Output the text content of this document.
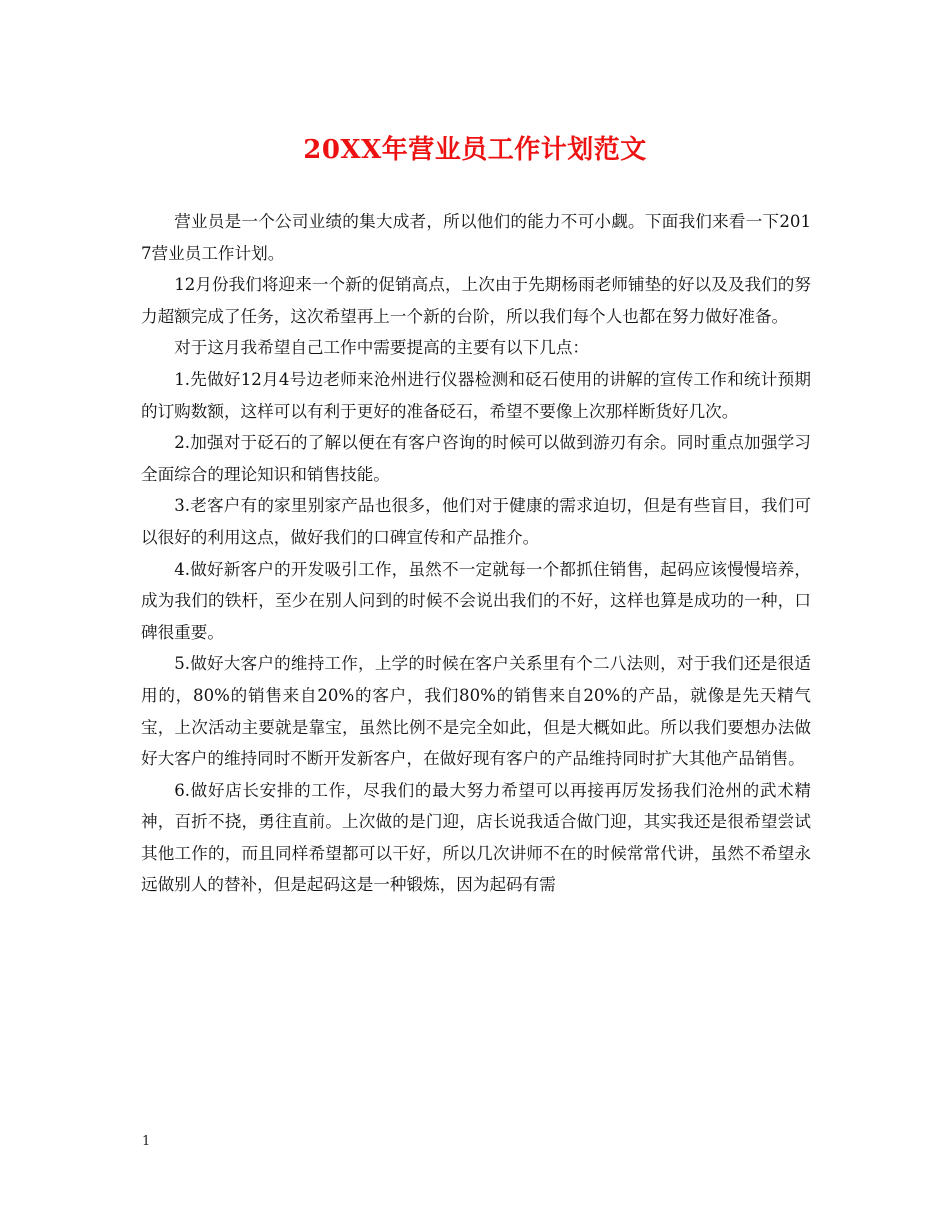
20XX年营业员工作计划范文

营业员是一个公司业绩的集大成者，所以他们的能力不可小觑。下面我们来看一下2017营业员工作计划。

12月份我们将迎来一个新的促销高点，上次由于先期杨雨老师铺垫的好以及及我们的努力超额完成了任务，这次希望再上一个新的台阶，所以我们每个人也都在努力做好准备。

对于这月我希望自己工作中需要提高的主要有以下几点：

1.先做好12月4号边老师来沧州进行仪器检测和砭石使用的讲解的宣传工作和统计预期的订购数额，这样可以有利于更好的准备砭石，希望不要像上次那样断货好几次。

2.加强对于砭石的了解以便在有客户咨询的时候可以做到游刃有余。同时重点加强学习全面综合的理论知识和销售技能。

3.老客户有的家里别家产品也很多，他们对于健康的需求迫切，但是有些盲目，我们可以很好的利用这点，做好我们的口碑宣传和产品推介。

4.做好新客户的开发吸引工作，虽然不一定就每一个都抓住销售，起码应该慢慢培养，成为我们的铁杆，至少在别人问到的时候不会说出我们的不好，这样也算是成功的一种，口碑很重要。

5.做好大客户的维持工作，上学的时候在客户关系里有个二八法则，对于我们还是很适用的，80%的销售来自20%的客户，我们80%的销售来自20%的产品，就像是先天精气宝，上次活动主要就是靠宝，虽然比例不是完全如此，但是大概如此。所以我们要想办法做好大客户的维持同时不断开发新客户，在做好现有客户的产品维持同时扩大其他产品销售。

6.做好店长安排的工作，尽我们的最大努力希望可以再接再厉发扬我们沧州的武术精神，百折不挠，勇往直前。上次做的是门迎，店长说我适合做门迎，其实我还是很希望尝试其他工作的，而且同样希望都可以干好，所以几次讲师不在的时候常常代讲，虽然不希望永远做别人的替补，但是起码这是一种锻炼，因为起码有需

1
